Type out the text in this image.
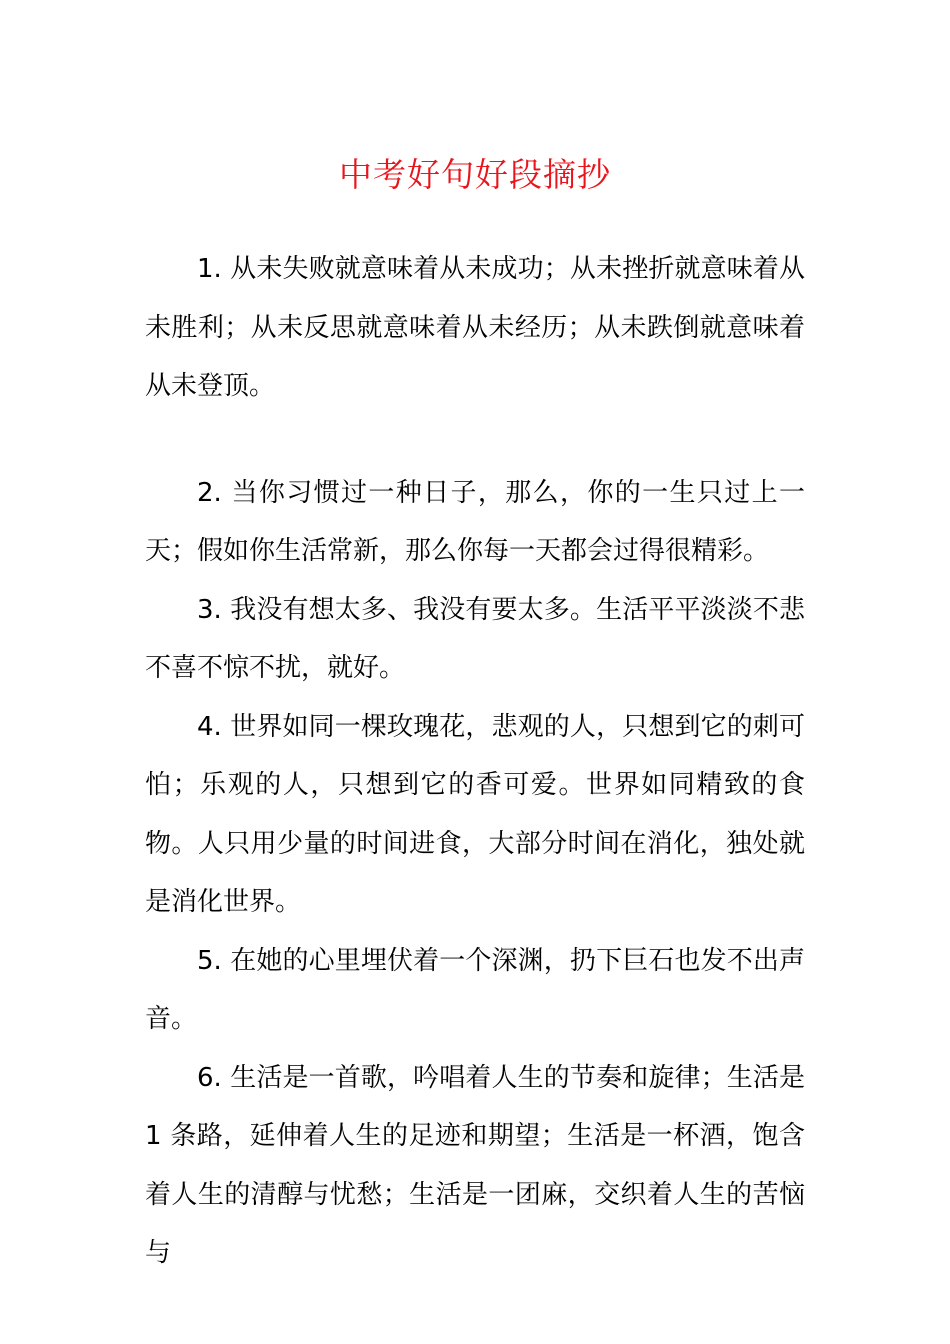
中考好句好段摘抄

1. 从未失败就意味着从未成功；从未挫折就意味着从未胜利；从未反思就意味着从未经历；从未跌倒就意味着从未登顶。

2. 当你习惯过一种日子，那么，你的一生只过上一天；假如你生活常新，那么你每一天都会过得很精彩。

3. 我没有想太多、我没有要太多。生活平平淡淡不悲不喜不惊不扰，就好。

4. 世界如同一棵玫瑰花，悲观的人，只想到它的刺可怕；乐观的人，只想到它的香可爱。世界如同精致的食物。人只用少量的时间进食，大部分时间在消化，独处就是消化世界。

5. 在她的心里埋伏着一个深渊，扔下巨石也发不出声音。

6. 生活是一首歌，吟唱着人生的节奏和旋律；生活是 1 条路，延伸着人生的足迹和期望；生活是一杯酒，饱含着人生的清醇与忧愁；生活是一团麻，交织着人生的苦恼与
